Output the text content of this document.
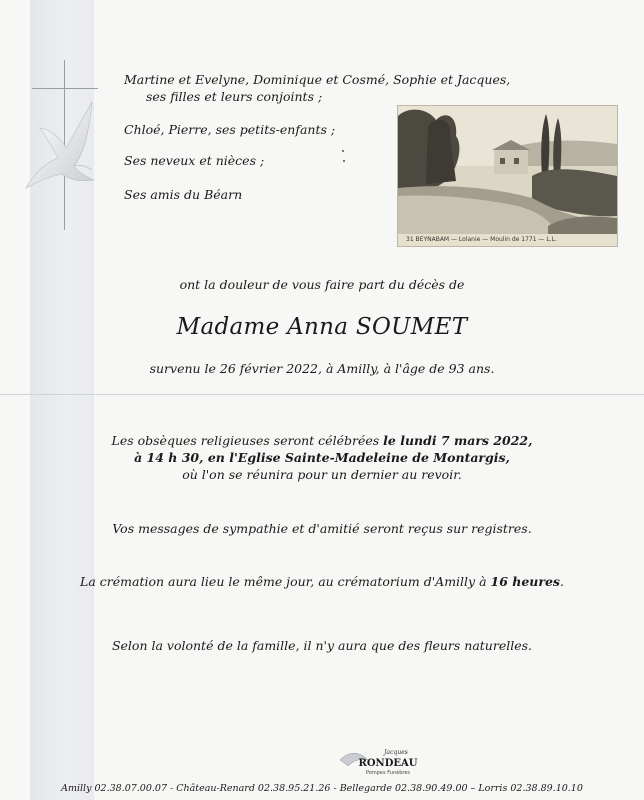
Martine et Evelyne, Dominique et Cosmé, Sophie et Jacques,
ses filles et leurs conjoints ;
Chloé, Pierre, ses petits-enfants ;
Ses neveux et nièces ;
Ses amis du Béarn
31 BEYNABAM — Lolanie — Moulin de 1771 — L.L.
ont la douleur de vous faire part du décès de
Madame Anna SOUMET
survenu le 26 février 2022, à Amilly, à l'âge de 93 ans.
Les obsèques religieuses seront célébrées le lundi 7 mars 2022,
à 14 h 30, en l'Eglise Sainte-Madeleine de Montargis,
où l'on se réunira pour un dernier au revoir.
Vos messages de sympathie et d'amitié seront reçus sur registres.
La crémation aura lieu le même jour, au crématorium d'Amilly à 16 heures.
Selon la volonté de la famille, il n'y aura que des fleurs naturelles.
Jacques
RONDEAU
Pompes Funèbres
Amilly 02.38.07.00.07 - Château-Renard 02.38.95.21.26 - Bellegarde 02.38.90.49.00 – Lorris 02.38.89.10.10
